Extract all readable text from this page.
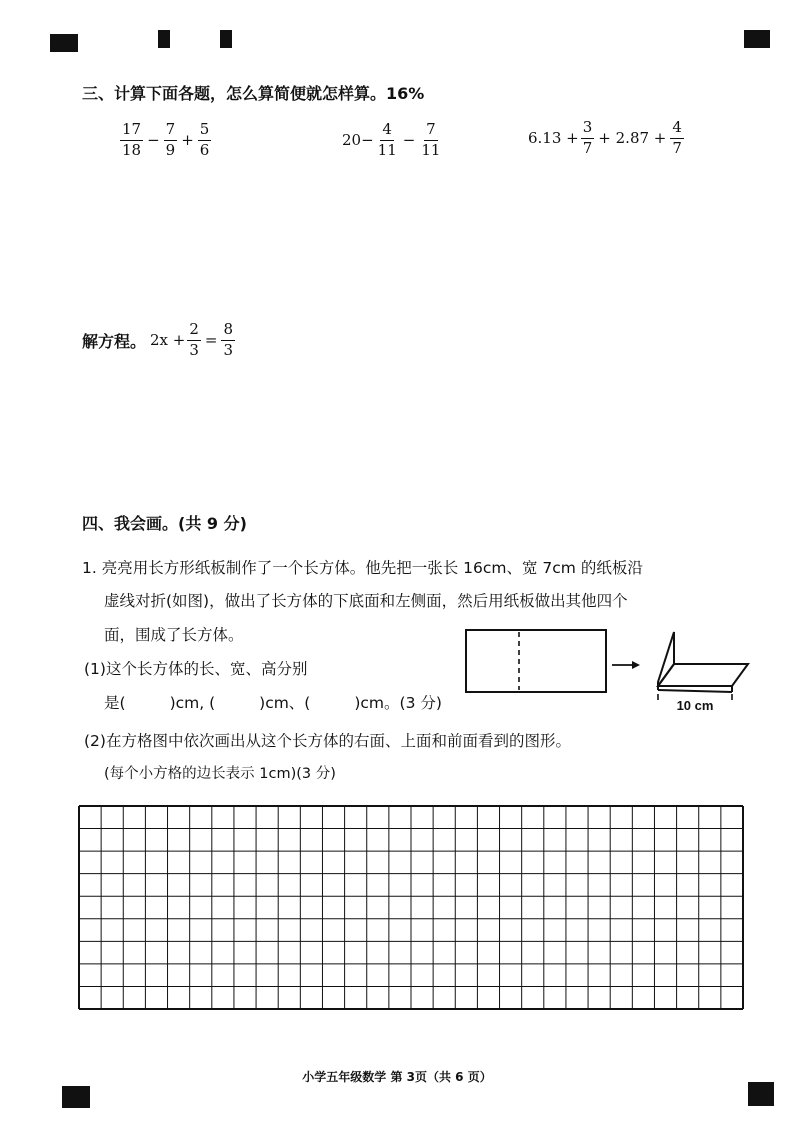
三、计算下面各题，怎么算简便就怎样算。16%
$\frac{17}{18} - \frac{7}{9} + \frac{5}{6}$	$20- \frac{4}{11} - \frac{7}{11}$	$6.13 + \frac{3}{7} + 2.87 + \frac{4}{7}$
解方程。 $2x + \frac{2}{3} = \frac{8}{3}$
四、我会画。(共 9 分)
1. 亮亮用长方形纸板制作了一个长方体。他先把一张长 16cm、宽 7cm 的纸板沿
虚线对折(如图)，做出了长方体的下底面和左侧面，然后用纸板做出其他四个
面，围成了长方体。
(1)这个长方体的长、宽、高分别
是(	)cm, (	)cm、(	)cm。(3 分)
(2)在方格图中依次画出从这个长方体的右面、上面和前面看到的图形。
(每个小方格的边长表示 1cm)(3 分)
10 cm
小学五年级数学 第 3页（共 6 页）
